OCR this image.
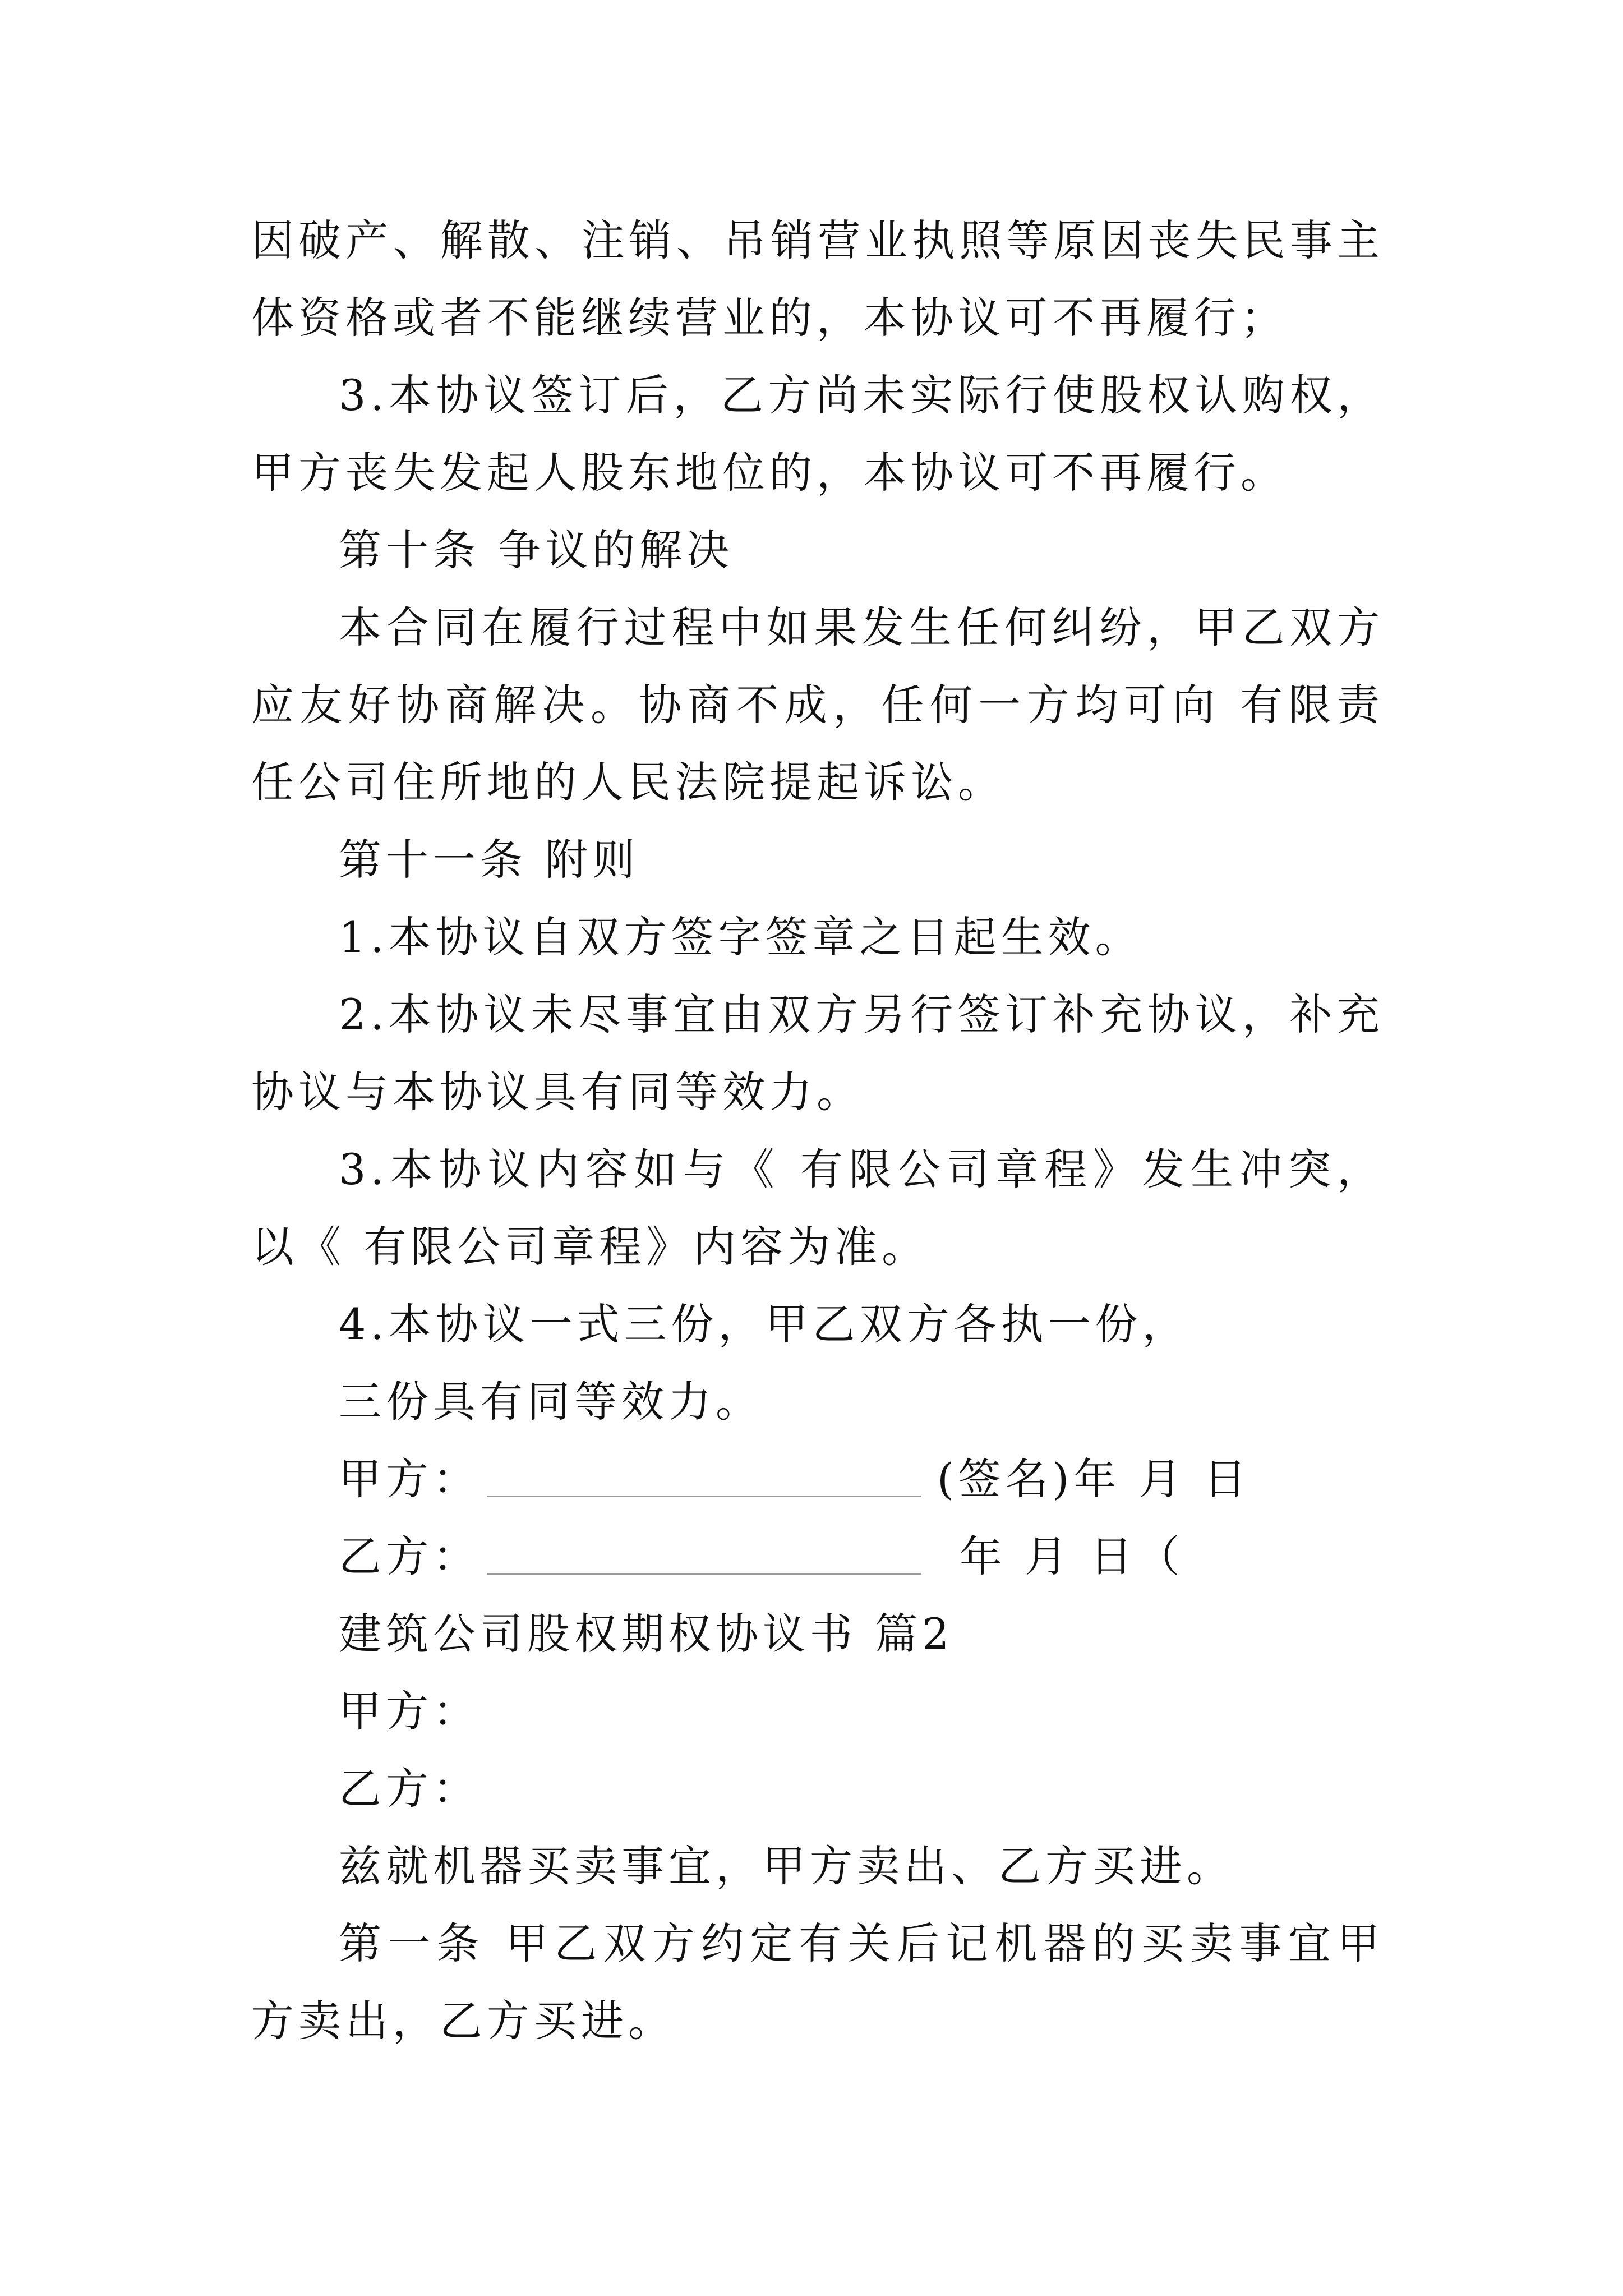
因破产、解散、注销、吊销营业执照等原因丧失民事主体资格或者不能继续营业的，本协议可不再履行；

3.本协议签订后，乙方尚未实际行使股权认购权，甲方丧失发起人股东地位的，本协议可不再履行。

第十条 争议的解决

本合同在履行过程中如果发生任何纠纷，甲乙双方应友好协商解决。协商不成，任何一方均可向 有限责任公司住所地的人民法院提起诉讼。

第十一条 附则

1.本协议自双方签字签章之日起生效。

2.本协议未尽事宜由双方另行签订补充协议，补充协议与本协议具有同等效力。

3.本协议内容如与《 有限公司章程》发生冲突，以《 有限公司章程》内容为准。

4.本协议一式三份，甲乙双方各执一份，

三份具有同等效力。

甲方：	(签名)年 月 日
乙方：	年 月 日（

建筑公司股权期权协议书 篇2

甲方：

乙方：

兹就机器买卖事宜，甲方卖出、乙方买进。

第一条 甲乙双方约定有关后记机器的买卖事宜甲方卖出，乙方买进。
